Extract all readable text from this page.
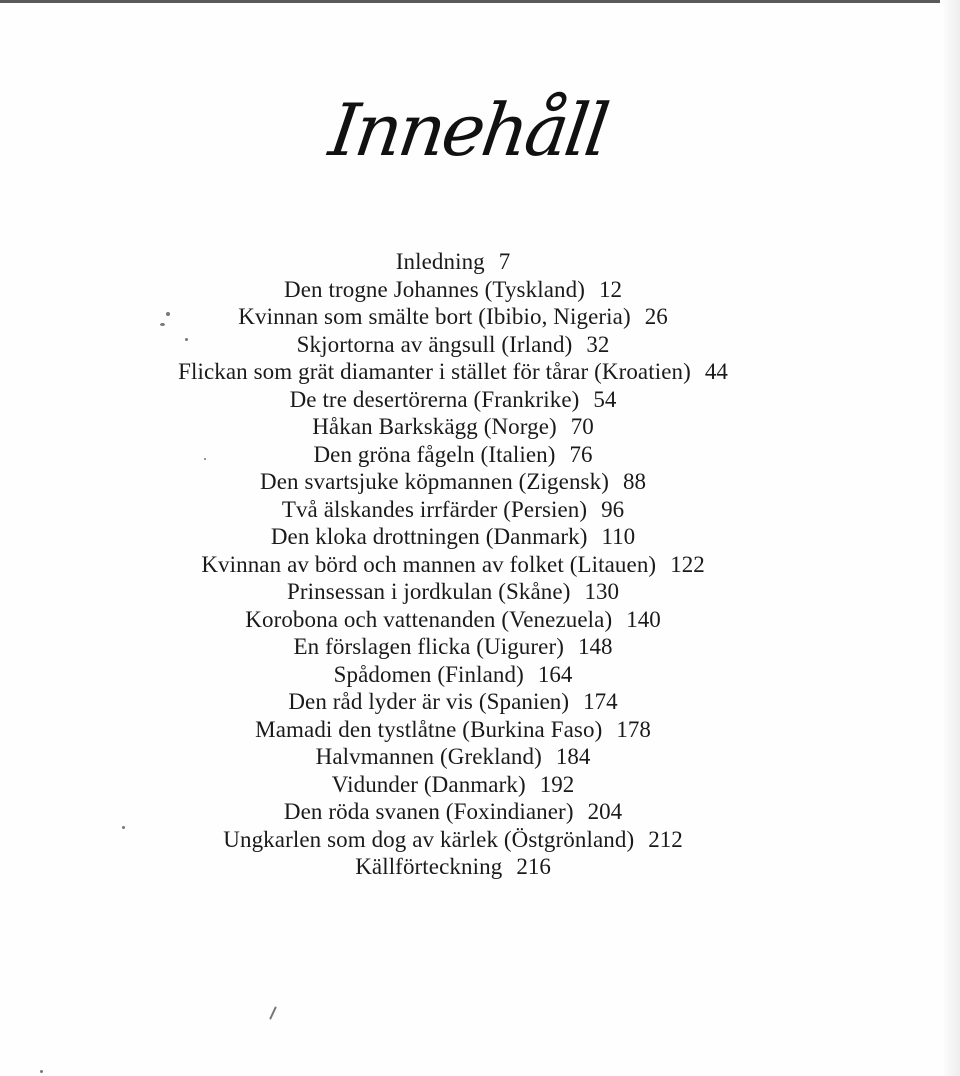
Innehåll
Inledning 7
Den trogne Johannes (Tyskland) 12
Kvinnan som smälte bort (Ibibio, Nigeria) 26
Skjortorna av ängsull (Irland) 32
Flickan som grät diamanter i stället för tårar (Kroatien) 44
De tre desertörerna (Frankrike) 54
Håkan Barkskägg (Norge) 70
Den gröna fågeln (Italien) 76
Den svartsjuke köpmannen (Zigensk) 88
Två älskandes irrfärder (Persien) 96
Den kloka drottningen (Danmark) 110
Kvinnan av börd och mannen av folket (Litauen) 122
Prinsessan i jordkulan (Skåne) 130
Korobona och vattenanden (Venezuela) 140
En förslagen flicka (Uigurer) 148
Spådomen (Finland) 164
Den råd lyder är vis (Spanien) 174
Mamadi den tystlåtne (Burkina Faso) 178
Halvmannen (Grekland) 184
Vidunder (Danmark) 192
Den röda svanen (Foxindianer) 204
Ungkarlen som dog av kärlek (Östgrönland) 212
Källförteckning 216
